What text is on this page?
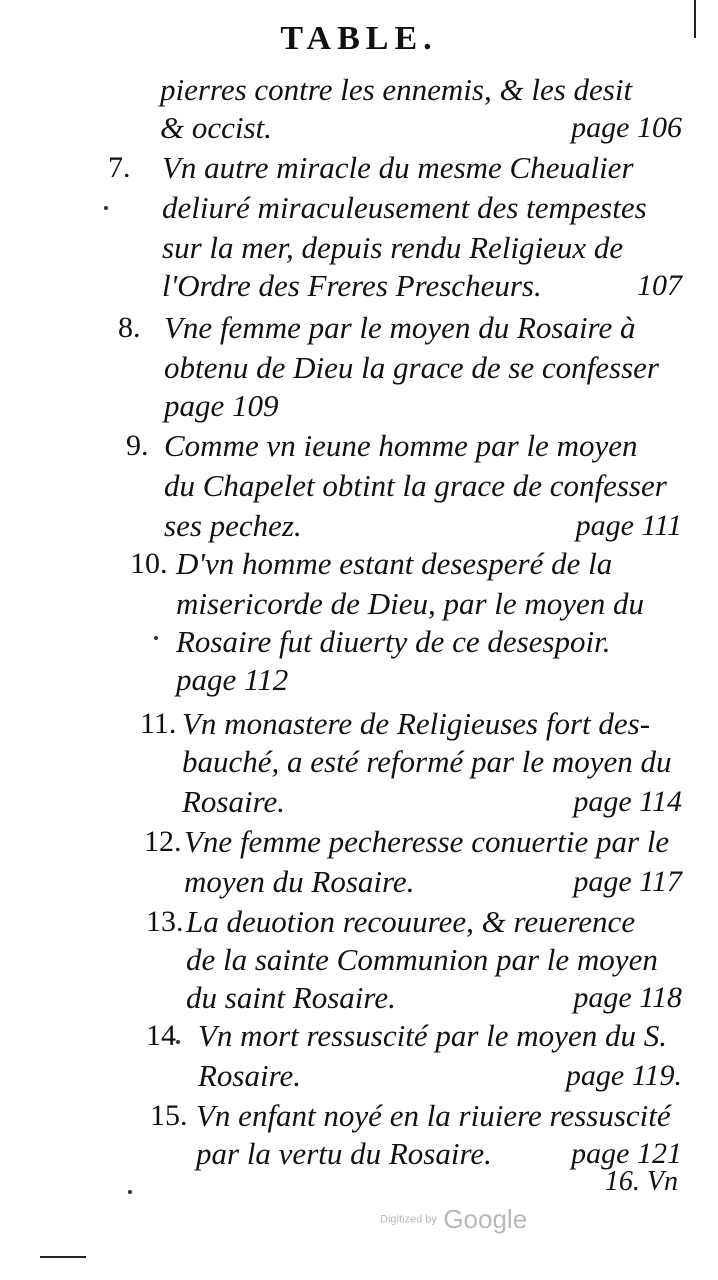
TABLE.
pierres contre les ennemis, & les desit
& occist.	page 106
7. Vn autre miracle du mesme Cheualier
deliuré miraculeusement des tempestes
sur la mer, depuis rendu Religieux de
l'Ordre des Freres Prescheurs.	107
8. Vne femme par le moyen du Rosaire à
obtenu de Dieu la grace de se confesser
page 109
9. Comme vn ieune homme par le moyen
du Chapelet obtint la grace de confesser
ses pechez.	page 111
10. D'vn homme estant desesperé de la
misericorde de Dieu, par le moyen du
Rosaire fut diuerty de ce desespoir.
page 112
11. Vn monastere de Religieuses fort des-
bauché, a esté reformé par le moyen du
Rosaire.	page 114
12. Vne femme pecheresse conuertie par le
moyen du Rosaire.	page 117
13. La deuotion recouuree, & reuerence
de la sainte Communion par le moyen
du saint Rosaire.	page 118
14 Vn mort ressuscité par le moyen du S.
Rosaire.	page 119.
15. Vn enfant noyé en la riuiere ressuscité
par la vertu du Rosaire.	page 121
16. Vn
Digitized by Google
